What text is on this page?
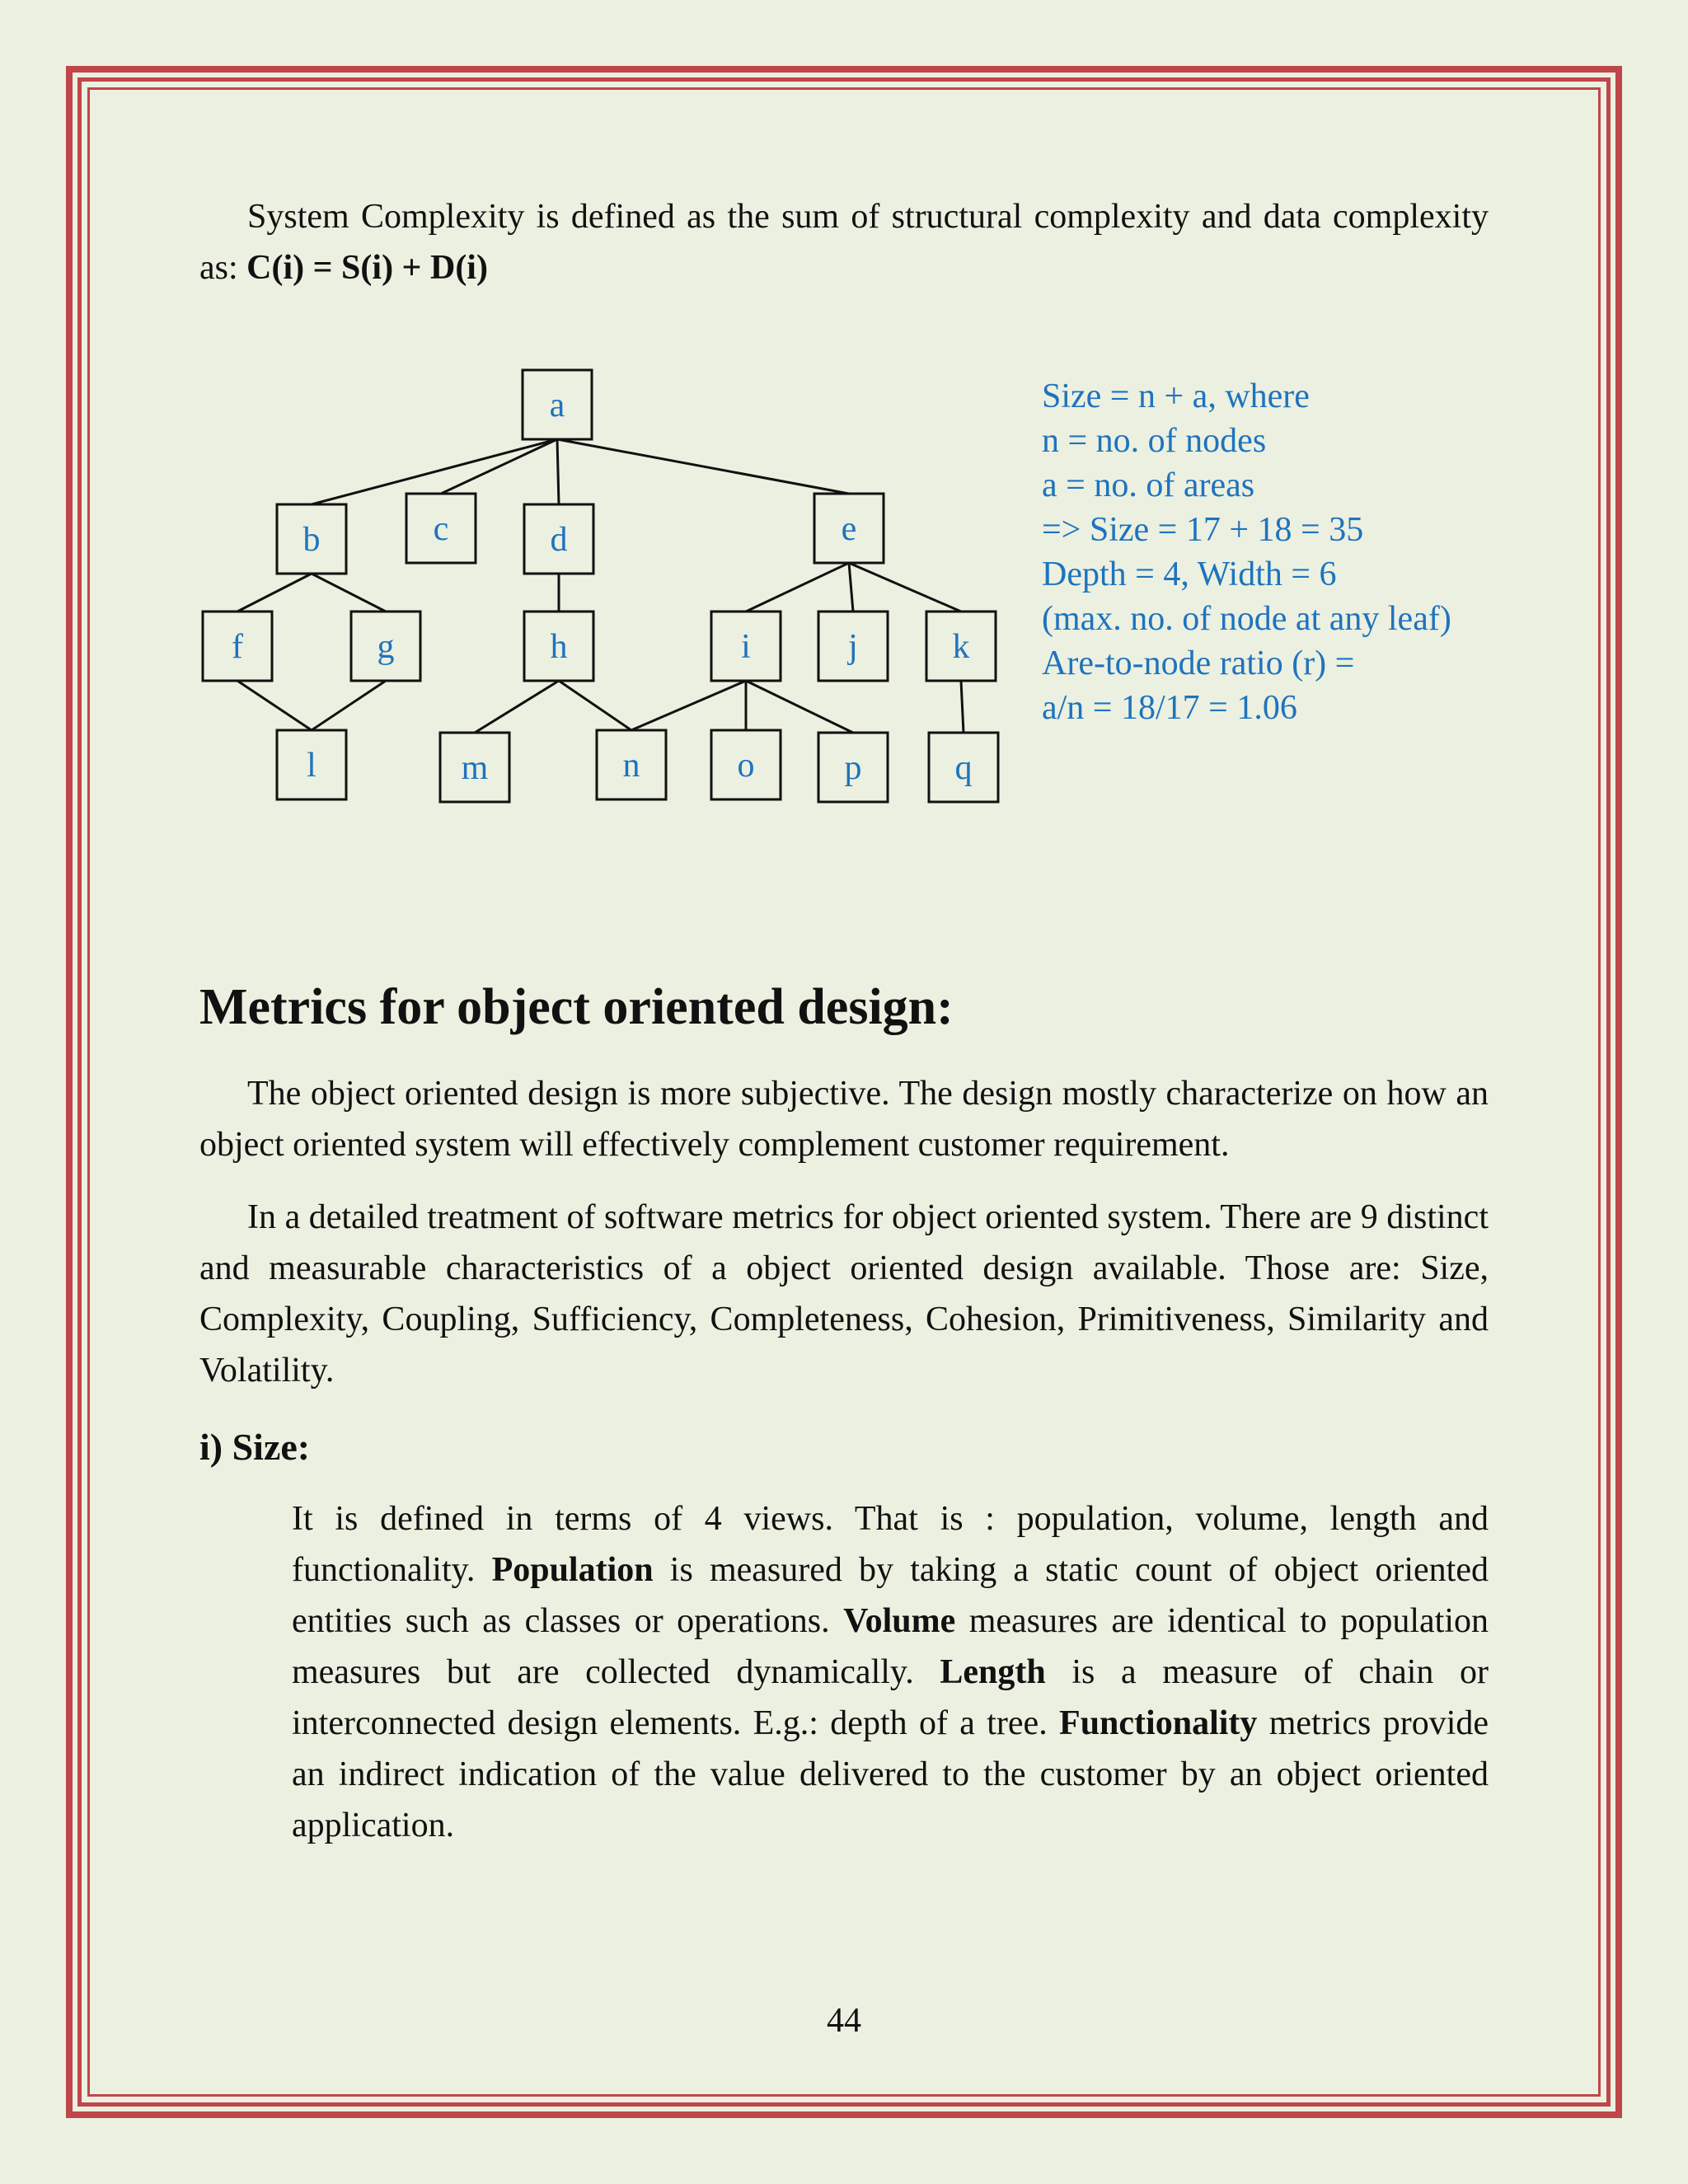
System Complexity is defined as the sum of structural complexity and data complexity as: C(i) = S(i) + D(i)

a
b	c	d	e
f	g	h	i	j	k
l	m	n	o	p	q
Size = n + a, where
n = no. of nodes
a = no. of areas
=> Size = 17 + 18 = 35
Depth = 4, Width = 6
(max. no. of node at any leaf)
Are-to-node ratio (r) =
a/n = 18/17 = 1.06
Metrics for object oriented design:

The object oriented design is more subjective. The design mostly characterize on how an object oriented system will effectively complement customer requirement.

In a detailed treatment of software metrics for object oriented system. There are 9 distinct and measurable characteristics of a object oriented design available. Those are: Size, Complexity, Coupling, Sufficiency, Completeness, Cohesion, Primitiveness, Similarity and Volatility.

i) Size:

It is defined in terms of 4 views. That is : population, volume, length and functionality. Population is measured by taking a static count of object oriented entities such as classes or operations. Volume measures are identical to population measures but are collected dynamically. Length is a measure of chain or interconnected design elements. E.g.: depth of a tree. Functionality metrics provide an indirect indication of the value delivered to the customer by an object oriented application.

44
